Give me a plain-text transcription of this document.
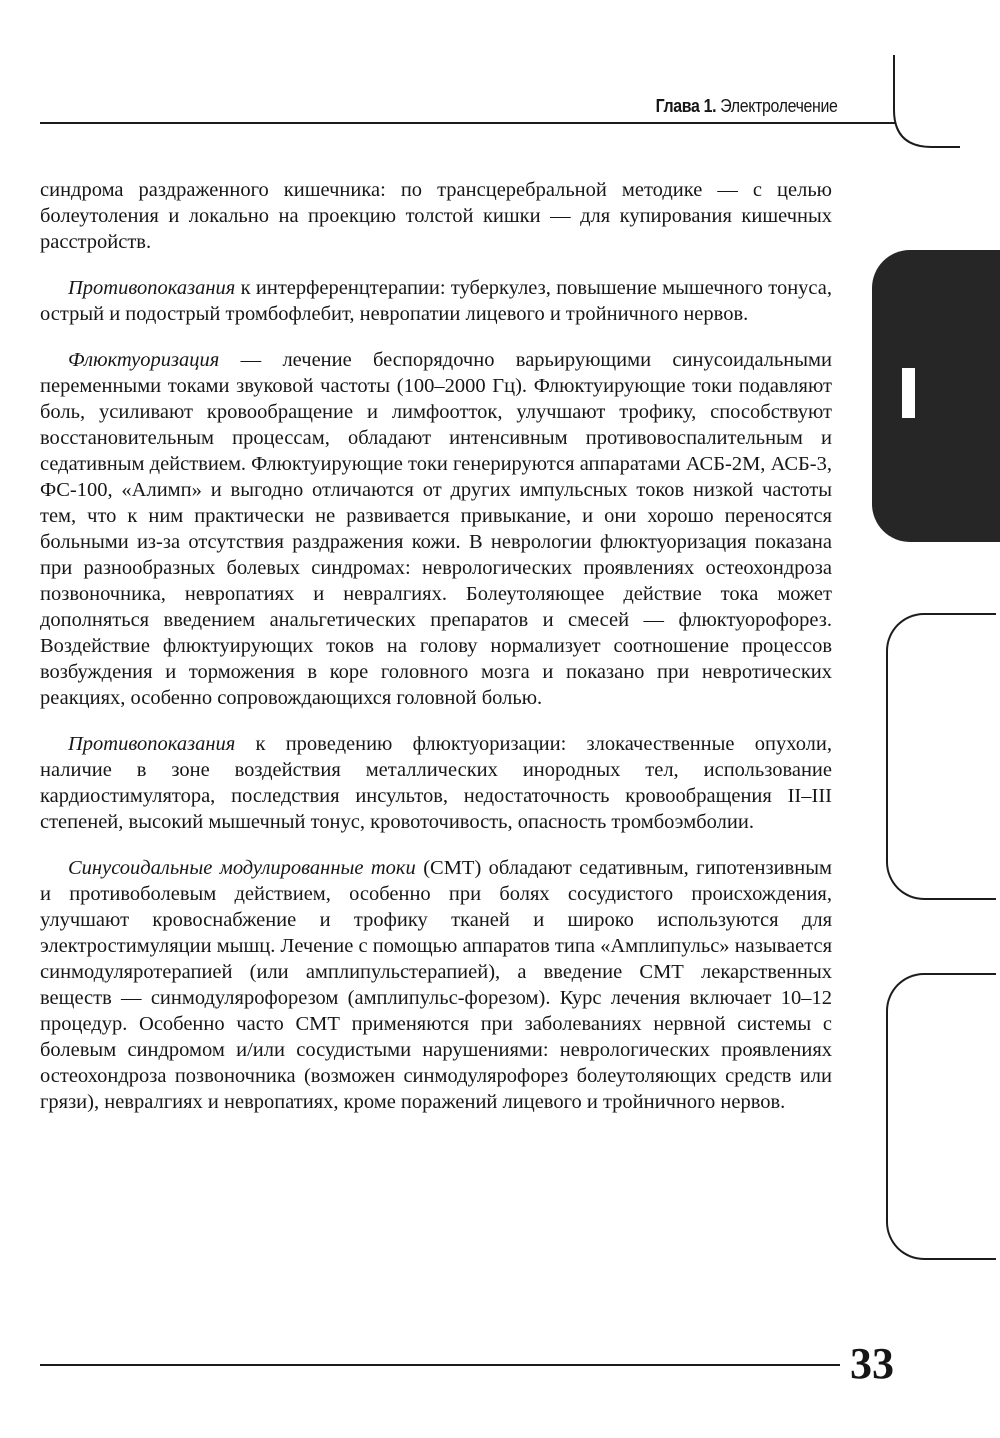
Глава 1. Электролечение

синдрома раздраженного кишечника: по трансцеребральной методике — с целью болеутоления и локально на проекцию толстой кишки — для купирования кишечных расстройств.

Противопоказания к интерференцтерапии: туберкулез, повышение мышечного тонуса, острый и подострый тромбофлебит, невропатии лицевого и тройничного нервов.

Флюктуоризация — лечение беспорядочно варьирующими синусоидальными переменными токами звуковой частоты (100–2000 Гц). Флюктуирующие токи подавляют боль, усиливают кровообращение и лимфоотток, улучшают трофику, способствуют восстановительным процессам, обладают интенсивным противовоспалительным и седативным действием. Флюктуирующие токи генерируются аппаратами АСБ-2М, АСБ-3, ФС-100, «Алимп» и выгодно отличаются от других импульсных токов низкой частоты тем, что к ним практически не развивается привыкание, и они хорошо переносятся больными из-за отсутствия раздражения кожи. В неврологии флюктуоризация показана при разнообразных болевых синдромах: неврологических проявлениях остеохондроза позвоночника, невропатиях и невралгиях. Болеутоляющее действие тока может дополняться введением анальгетических препаратов и смесей — флюктуорофорез. Воздействие флюктуирующих токов на голову нормализует соотношение процессов возбуждения и торможения в коре головного мозга и показано при невротических реакциях, особенно сопровождающихся головной болью.

Противопоказания к проведению флюктуоризации: злокачественные опухоли, наличие в зоне воздействия металлических инородных тел, использование кардиостимулятора, последствия инсультов, недостаточность кровообращения II–III степеней, высокий мышечный тонус, кровоточивость, опасность тромбоэмболии.

Синусоидальные модулированные токи (СМТ) обладают седативным, гипотензивным и противоболевым действием, особенно при болях сосудистого происхождения, улучшают кровоснабжение и трофику тканей и широко используются для электростимуляции мышц. Лечение с помощью аппаратов типа «Амплипульс» называется синмодуляротерапией (или амплипульстерапией), а введение СМТ лекарственных веществ — синмодулярофорезом (амплипульс-форезом). Курс лечения включает 10–12 процедур. Особенно часто СМТ применяются при заболеваниях нервной системы с болевым синдромом и/или сосудистыми нарушениями: неврологических проявлениях остеохондроза позвоночника (возможен синмодулярофорез болеутоляющих средств или грязи), невралгиях и невропатиях, кроме поражений лицевого и тройничного нервов.

33
